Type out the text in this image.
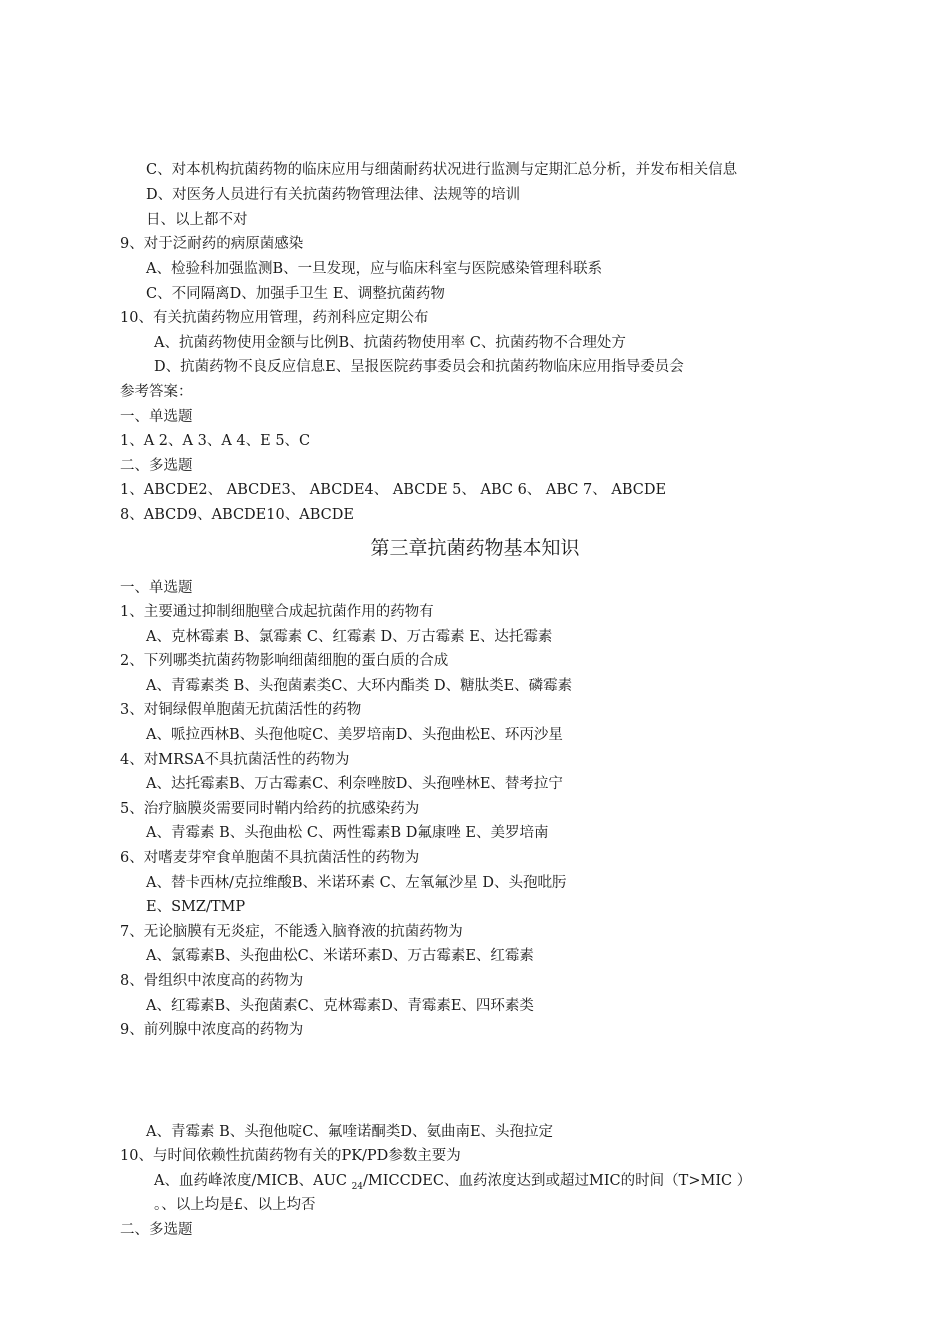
C、对本机构抗菌药物的临床应用与细菌耐药状况进行监测与定期汇总分析，并发布相关信息
D、对医务人员进行有关抗菌药物管理法律、法规等的培训
日、以上都不对
9、对于泛耐药的病原菌感染
A、检验科加强监测B、一旦发现，应与临床科室与医院感染管理科联系
C、不同隔离D、加强手卫生 E、调整抗菌药物
10、有关抗菌药物应用管理，药剂科应定期公布
A、抗菌药物使用金额与比例B、抗菌药物使用率 C、抗菌药物不合理处方
D、抗菌药物不良反应信息E、呈报医院药事委员会和抗菌药物临床应用指导委员会
参考答案：
一、单选题
1、A 2、A 3、A 4、E 5、C
二、多选题
1、ABCDE2、 ABCDE3、 ABCDE4、 ABCDE 5、 ABC 6、 ABC 7、 ABCDE
8、ABCD9、ABCDE10、ABCDE
第三章抗菌药物基本知识
一、单选题
1、主要通过抑制细胞壁合成起抗菌作用的药物有
A、克林霉素 B、氯霉素 C、红霉素 D、万古霉素 E、达托霉素
2、下列哪类抗菌药物影响细菌细胞的蛋白质的合成
A、青霉素类 B、头孢菌素类C、大环内酯类 D、糖肽类E、磷霉素
3、对铜绿假单胞菌无抗菌活性的药物
A、哌拉西林B、头孢他啶C、美罗培南D、头孢曲松E、环丙沙星
4、对MRSA不具抗菌活性的药物为
A、达托霉素B、万古霉素C、利奈唑胺D、头孢唑林E、替考拉宁
5、治疗脑膜炎需要同时鞘内给药的抗感染药为
A、青霉素 B、头孢曲松 C、两性霉素B D氟康唑 E、美罗培南
6、对嗜麦芽窄食单胞菌不具抗菌活性的药物为
A、替卡西林/克拉维酸B、米诺环素 C、左氧氟沙星 D、头孢吡肟
E、SMZ/TMP
7、无论脑膜有无炎症，不能透入脑脊液的抗菌药物为
A、氯霉素B、头孢曲松C、米诺环素D、万古霉素E、红霉素
8、骨组织中浓度高的药物为
A、红霉素B、头孢菌素C、克林霉素D、青霉素E、四环素类
9、前列腺中浓度高的药物为
A、青霉素 B、头孢他啶C、氟喹诺酮类D、氨曲南E、头孢拉定
10、与时间依赖性抗菌药物有关的PK/PD参数主要为
A、血药峰浓度/MICB、AUC $_{24}$/MICCDEC、血药浓度达到或超过MIC的时间（T>MIC ）
。、以上均是£、以上均否
二、多选题
